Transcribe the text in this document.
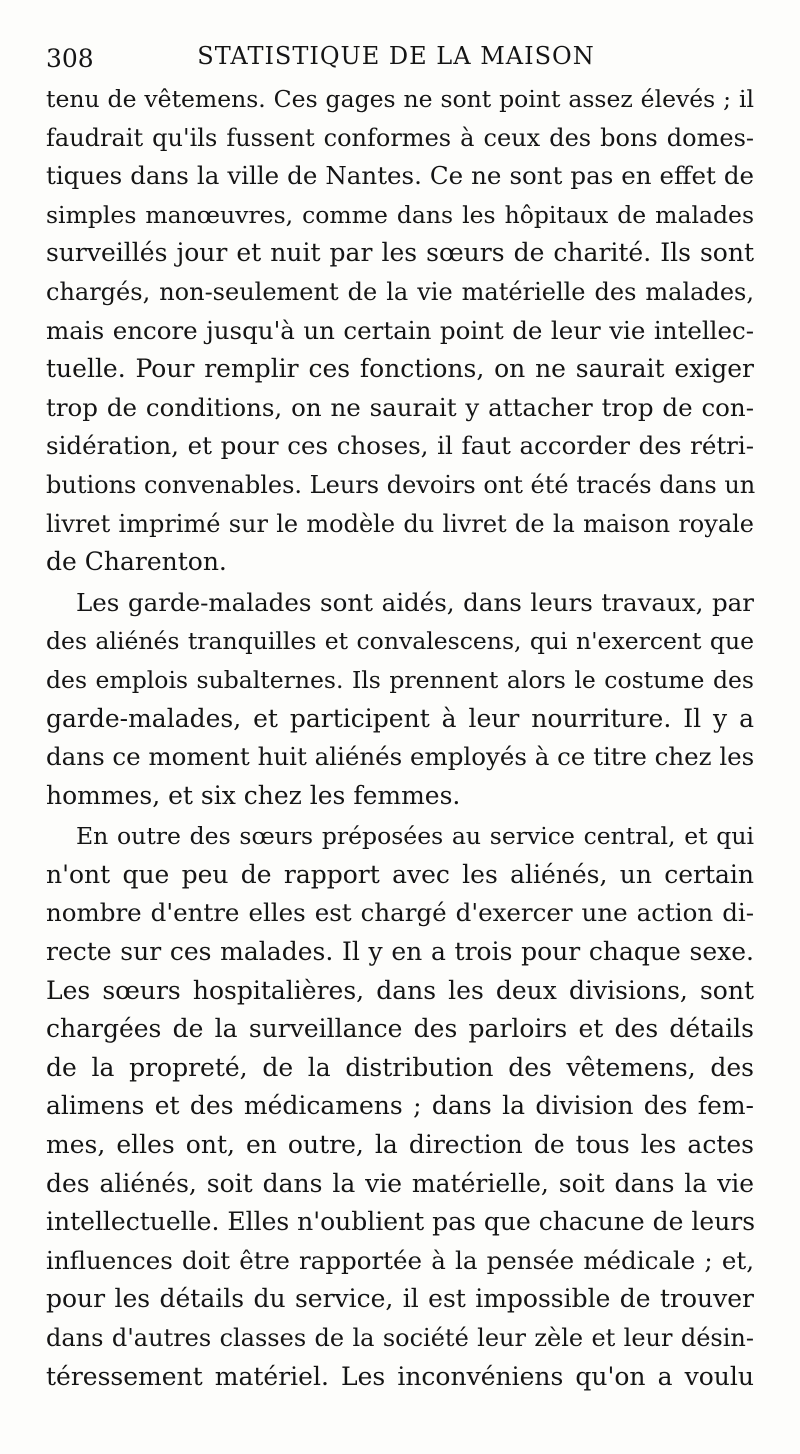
308	STATISTIQUE DE LA MAISON
tenu de vêtemens. Ces gages ne sont point assez élevés ; il
faudrait qu'ils fussent conformes à ceux des bons domes-
tiques dans la ville de Nantes. Ce ne sont pas en effet de
simples manœuvres, comme dans les hôpitaux de malades
surveillés jour et nuit par les sœurs de charité. Ils sont
chargés, non-seulement de la vie matérielle des malades,
mais encore jusqu'à un certain point de leur vie intellec-
tuelle. Pour remplir ces fonctions, on ne saurait exiger
trop de conditions, on ne saurait y attacher trop de con-
sidération, et pour ces choses, il faut accorder des rétri-
butions convenables. Leurs devoirs ont été tracés dans un
livret imprimé sur le modèle du livret de la maison royale
de Charenton.
Les garde-malades sont aidés, dans leurs travaux, par
des aliénés tranquilles et convalescens, qui n'exercent que
des emplois subalternes. Ils prennent alors le costume des
garde-malades, et participent à leur nourriture. Il y a
dans ce moment huit aliénés employés à ce titre chez les
hommes, et six chez les femmes.
En outre des sœurs préposées au service central, et qui
n'ont que peu de rapport avec les aliénés, un certain
nombre d'entre elles est chargé d'exercer une action di-
recte sur ces malades. Il y en a trois pour chaque sexe.
Les sœurs hospitalières, dans les deux divisions, sont
chargées de la surveillance des parloirs et des détails
de la propreté, de la distribution des vêtemens, des
alimens et des médicamens ; dans la division des fem-
mes, elles ont, en outre, la direction de tous les actes
des aliénés, soit dans la vie matérielle, soit dans la vie
intellectuelle. Elles n'oublient pas que chacune de leurs
influences doit être rapportée à la pensée médicale ; et,
pour les détails du service, il est impossible de trouver
dans d'autres classes de la société leur zèle et leur désin-
téressement matériel. Les inconvéniens qu'on a voulu
